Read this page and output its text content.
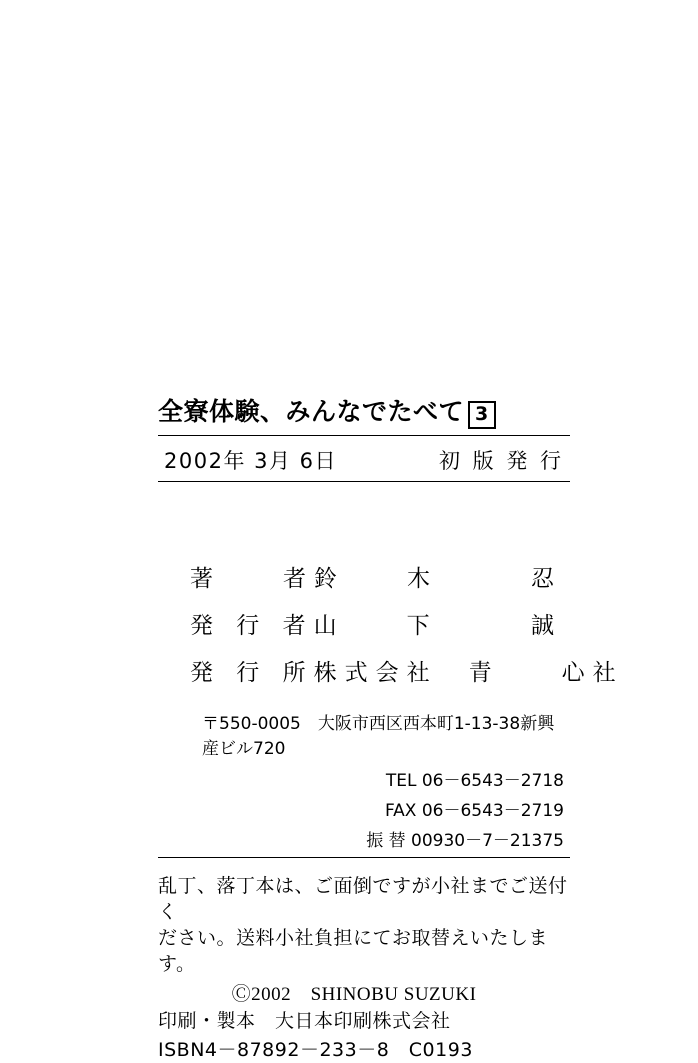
全寮体験、みんなでたべて 3
2002年 3月 6日	初 版 発 行
著　　者 鈴　　木	忍
発 行 者 山　　下	誠
発 行 所 株式会社　青　　心 社
〒550-0005　大阪市西区西本町1-13-38新興産ビル720
TEL 06－6543－2718
FAX 06－6543－2719
振 替 00930－7－21375
乱丁、落丁本は、ご面倒ですが小社までご送付く
ださい。送料小社負担にてお取替えいたします。
Ⓒ2002　SHINOBU SUZUKI
印刷・製本　大日本印刷株式会社
ISBN4－87892－233－8　C0193
